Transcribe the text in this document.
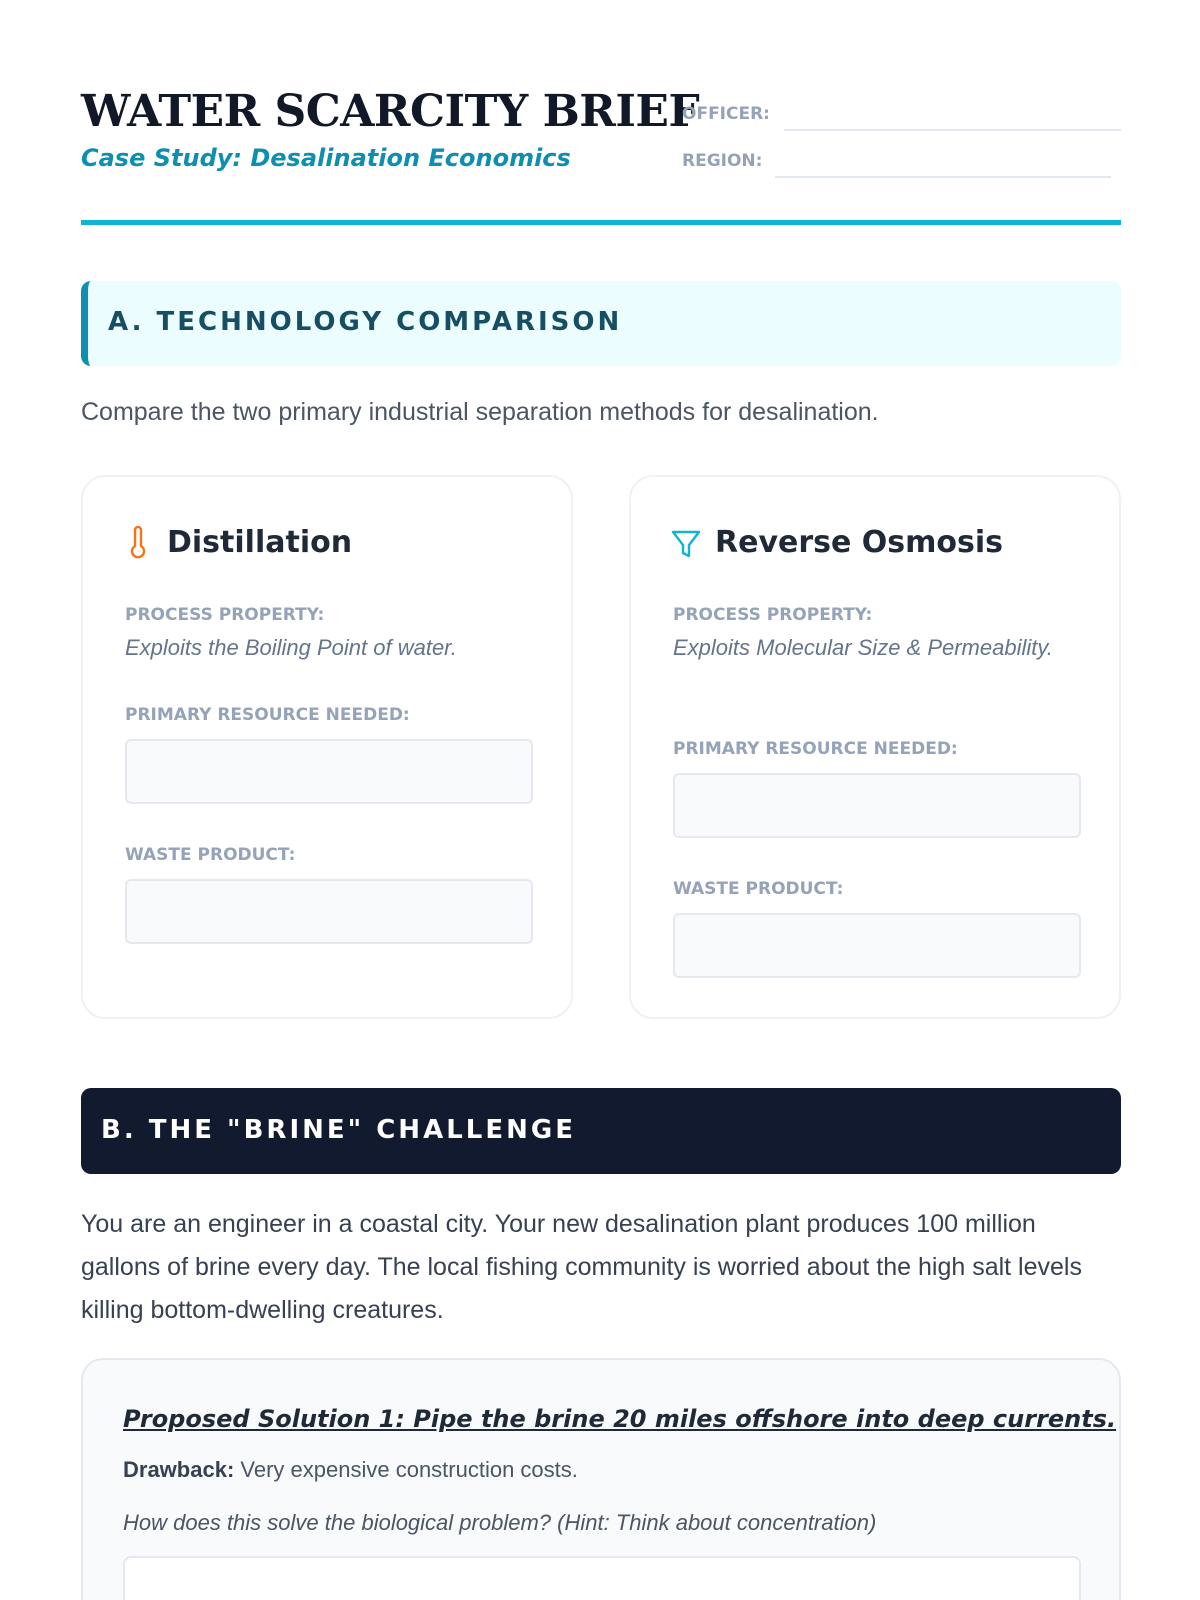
WATER SCARCITY BRIEF
Case Study: Desalination Economics
OFFICER:
REGION:
A. TECHNOLOGY COMPARISON
Compare the two primary industrial separation methods for desalination.
Distillation
PROCESS PROPERTY:
Exploits the Boiling Point of water.
PRIMARY RESOURCE NEEDED:
WASTE PRODUCT:
Reverse Osmosis
PROCESS PROPERTY:
Exploits Molecular Size & Permeability.
PRIMARY RESOURCE NEEDED:
WASTE PRODUCT:
B. THE "BRINE" CHALLENGE
You are an engineer in a coastal city. Your new desalination plant produces 100 million gallons of brine every day. The local fishing community is worried about the high salt levels killing bottom-dwelling creatures.
Proposed Solution 1: Pipe the brine 20 miles offshore into deep currents.
Drawback: Very expensive construction costs.
How does this solve the biological problem? (Hint: Think about concentration)
